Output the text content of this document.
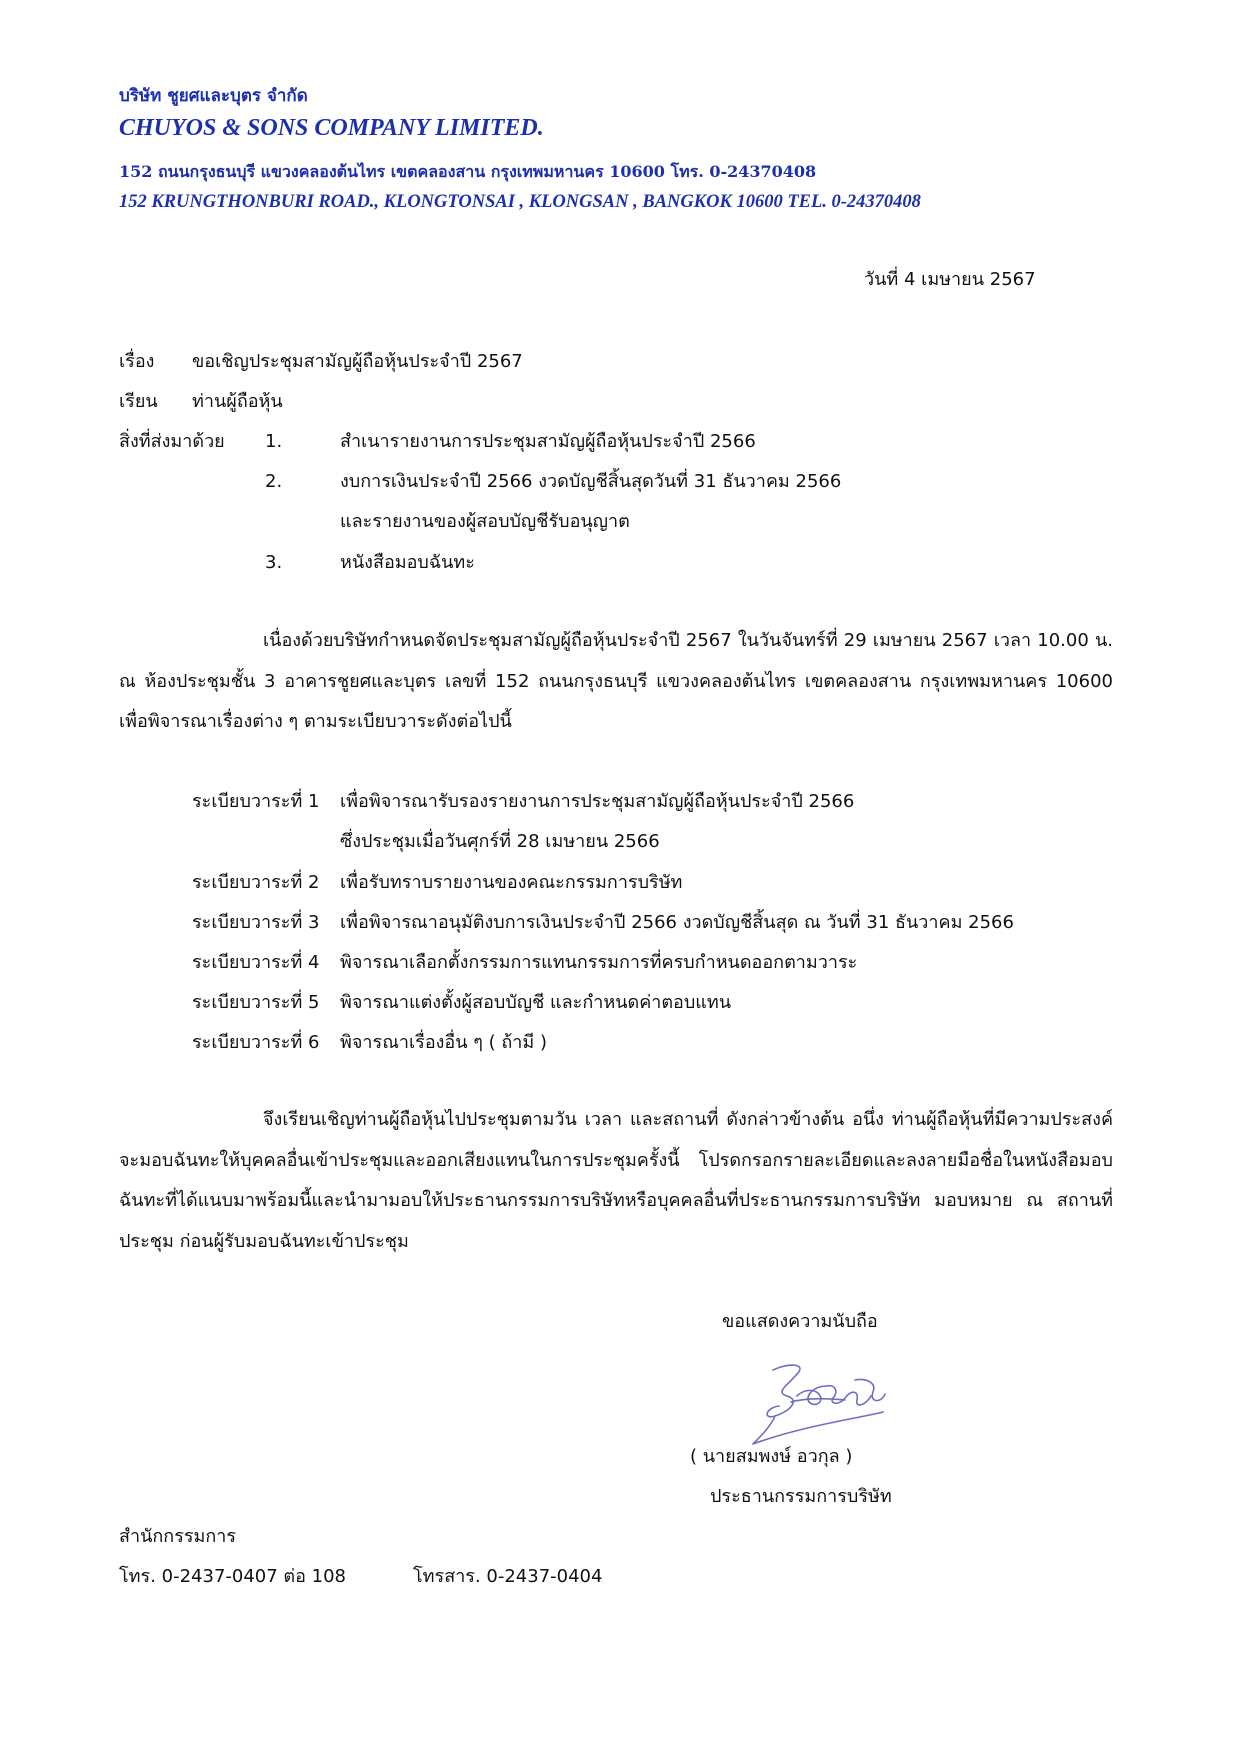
บริษัท ชูยศและบุตร จำกัด
CHUYOS & SONS COMPANY LIMITED.
152 ถนนกรุงธนบุรี แขวงคลองต้นไทร เขตคลองสาน กรุงเทพมหานคร 10600 โทร. 0-24370408
152 KRUNGTHONBURI ROAD., KLONGTONSAI , KLONGSAN , BANGKOK 10600 TEL. 0-24370408
วันที่ 4 เมษายน 2567
เรื่อง ขอเชิญประชุมสามัญผู้ถือหุ้นประจำปี 2567
เรียน ท่านผู้ถือหุ้น
สิ่งที่ส่งมาด้วย 1.	สำเนารายงานการประชุมสามัญผู้ถือหุ้นประจำปี 2566
2.	งบการเงินประจำปี 2566 งวดบัญชีสิ้นสุดวันที่ 31 ธันวาคม 2566
และรายงานของผู้สอบบัญชีรับอนุญาต
3.	หนังสือมอบฉันทะ
เนื่องด้วยบริษัทกำหนดจัดประชุมสามัญผู้ถือหุ้นประจำปี 2567 ในวันจันทร์ที่ 29 เมษายน 2567 เวลา 10.00 น. ณ ห้องประชุมชั้น 3 อาคารชูยศและบุตร เลขที่ 152 ถนนกรุงธนบุรี แขวงคลองต้นไทร เขตคลองสาน กรุงเทพมหานคร 10600 เพื่อพิจารณาเรื่องต่าง ๆ ตามระเบียบวาระดังต่อไปนี้
ระเบียบวาระที่ 1 เพื่อพิจารณารับรองรายงานการประชุมสามัญผู้ถือหุ้นประจำปี 2566
ซึ่งประชุมเมื่อวันศุกร์ที่ 28 เมษายน 2566
ระเบียบวาระที่ 2 เพื่อรับทราบรายงานของคณะกรรมการบริษัท
ระเบียบวาระที่ 3 เพื่อพิจารณาอนุมัติงบการเงินประจำปี 2566 งวดบัญชีสิ้นสุด ณ วันที่ 31 ธันวาคม 2566
ระเบียบวาระที่ 4 พิจารณาเลือกตั้งกรรมการแทนกรรมการที่ครบกำหนดออกตามวาระ
ระเบียบวาระที่ 5 พิจารณาแต่งตั้งผู้สอบบัญชี และกำหนดค่าตอบแทน
ระเบียบวาระที่ 6 พิจารณาเรื่องอื่น ๆ ( ถ้ามี )
จึงเรียนเชิญท่านผู้ถือหุ้นไปประชุมตามวัน เวลา และสถานที่ ดังกล่าวข้างต้น อนึ่ง ท่านผู้ถือหุ้นที่มีความประสงค์จะมอบฉันทะให้บุคคลอื่นเข้าประชุมและออกเสียงแทนในการประชุมครั้งนี้ โปรดกรอกรายละเอียดและลงลายมือชื่อในหนังสือมอบฉันทะที่ได้แนบมาพร้อมนี้และนำมามอบให้ประธานกรรมการบริษัทหรือบุคคลอื่นที่ประธานกรรมการบริษัท มอบหมาย ณ สถานที่ประชุม ก่อนผู้รับมอบฉันทะเข้าประชุม
ขอแสดงความนับถือ
( นายสมพงษ์ อวกุล )
ประธานกรรมการบริษัท
สำนักกรรมการ
โทร. 0-2437-0407 ต่อ 108	โทรสาร. 0-2437-0404
